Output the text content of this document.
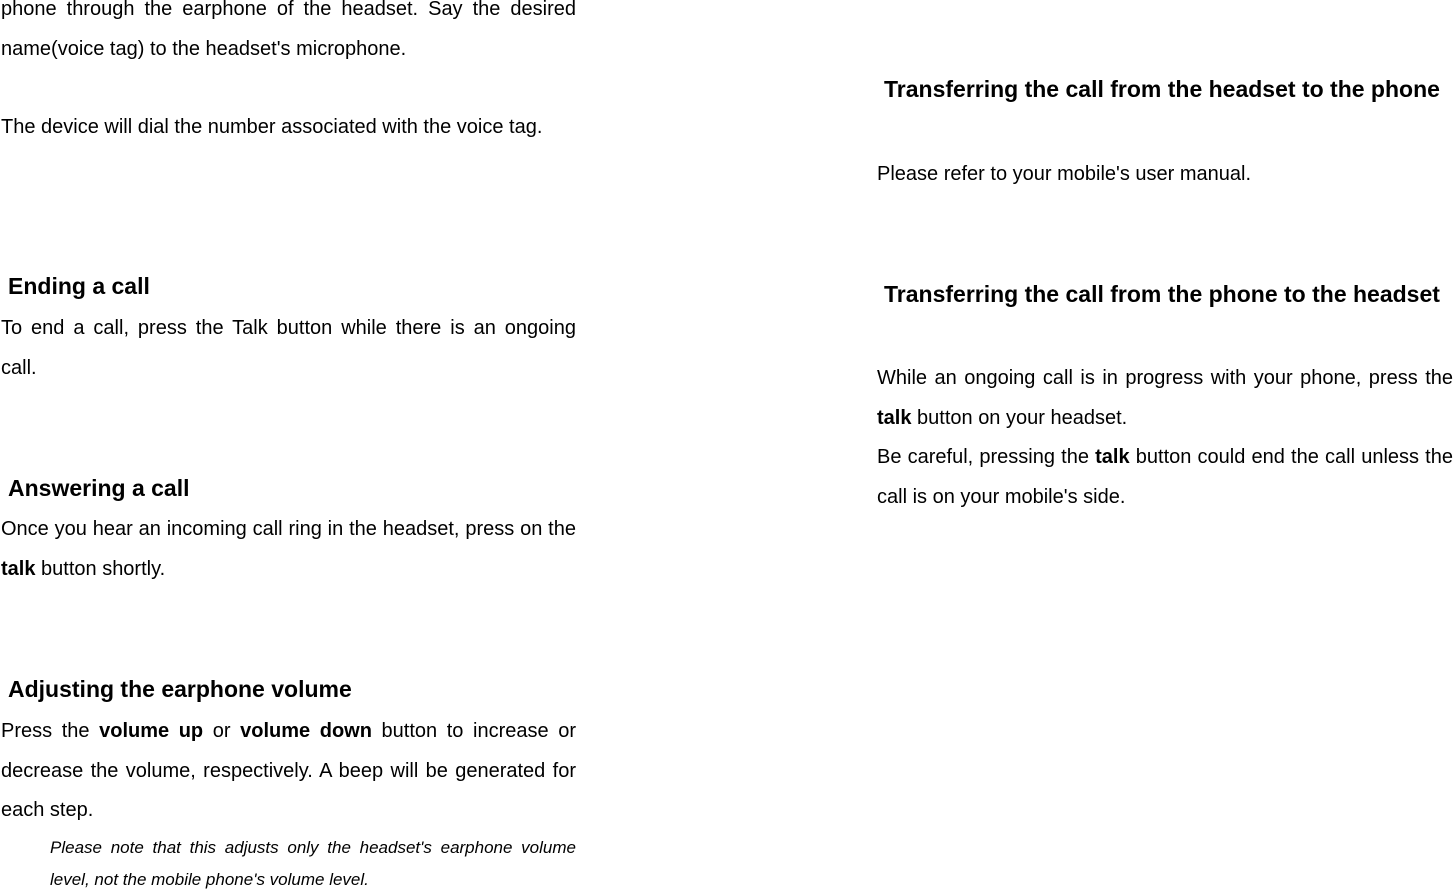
phone through the earphone of the headset. Say the desired name(voice tag) to the headset's microphone.

The device will dial the number associated with the voice tag.

Ending a call

To end a call, press the Talk button while there is an ongoing call.

Answering a call

Once you hear an incoming call ring in the headset, press on the talk button shortly.

Adjusting the earphone volume

Press the volume up or volume down button to increase or decrease the volume, respectively. A beep will be generated for each step.

Please note that this adjusts only the headset's earphone volume level, not the mobile phone's volume level.

Transferring the call from the headset to the phone

Please refer to your mobile's user manual.

Transferring the call from the phone to the headset

While an ongoing call is in progress with your phone, press the talk button on your headset.

Be careful, pressing the talk button could end the call unless the call is on your mobile's side.
